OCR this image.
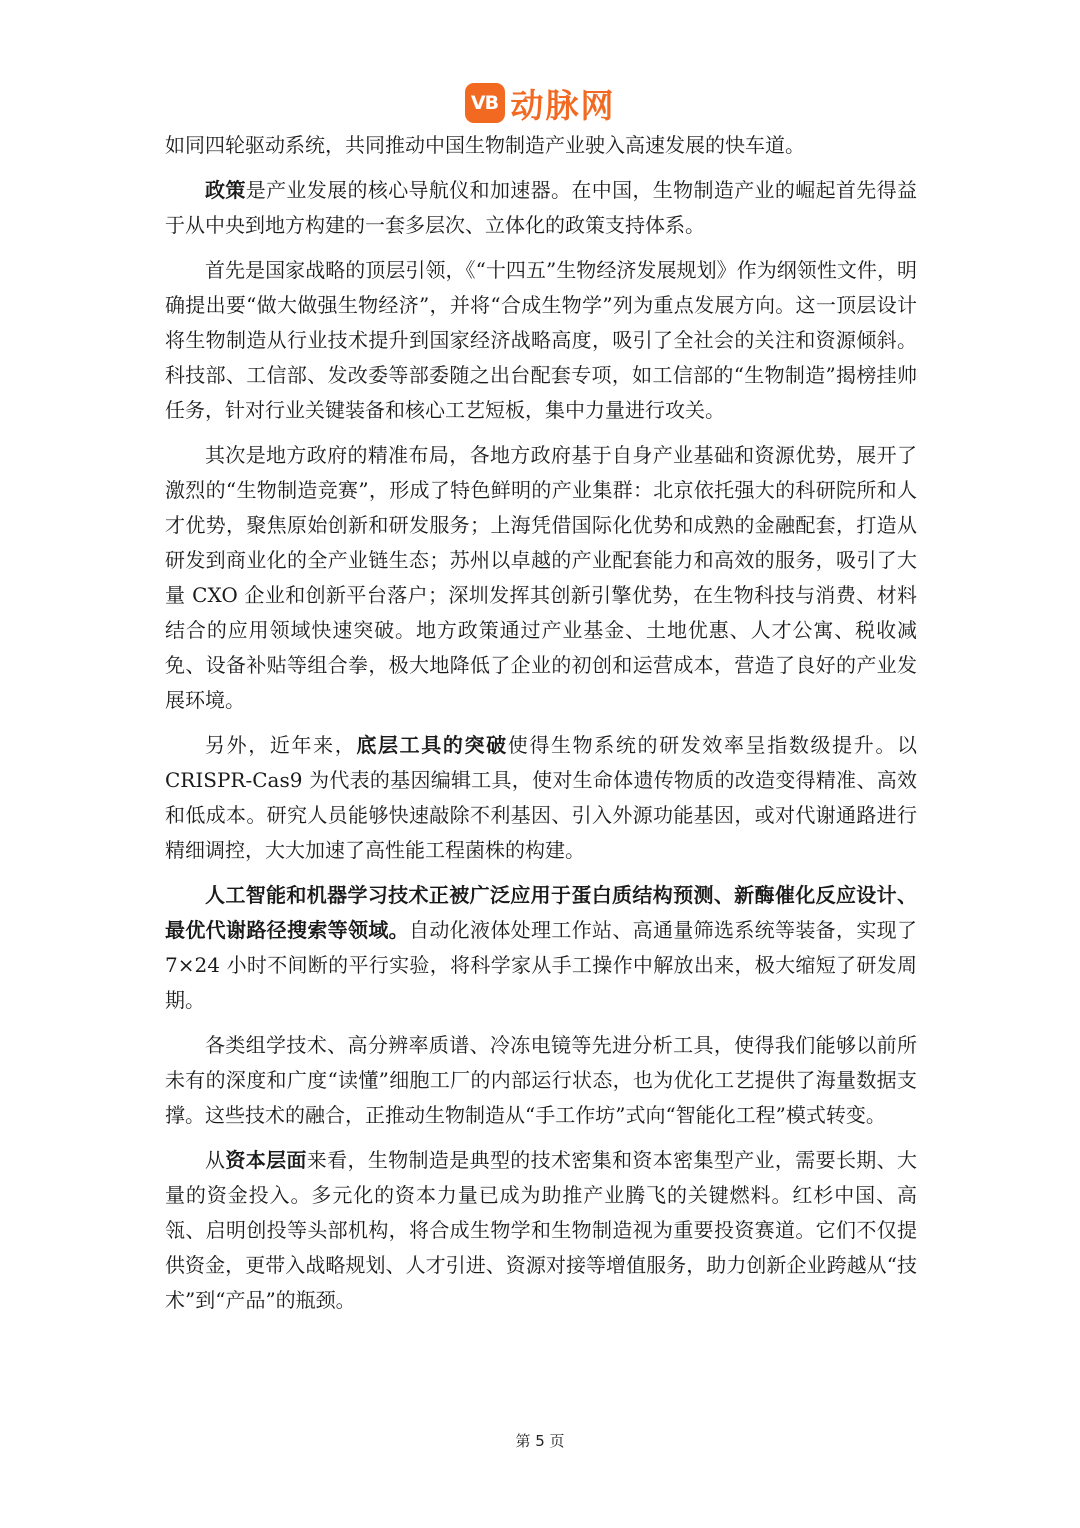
VB 动脉网

如同四轮驱动系统，共同推动中国生物制造产业驶入高速发展的快车道。

政策是产业发展的核心导航仪和加速器。在中国，生物制造产业的崛起首先得益于从中央到地方构建的一套多层次、立体化的政策支持体系。

首先是国家战略的顶层引领，《“十四五”生物经济发展规划》作为纲领性文件，明确提出要“做大做强生物经济”，并将“合成生物学”列为重点发展方向。这一顶层设计将生物制造从行业技术提升到国家经济战略高度，吸引了全社会的关注和资源倾斜。科技部、工信部、发改委等部委随之出台配套专项，如工信部的“生物制造”揭榜挂帅任务，针对行业关键装备和核心工艺短板，集中力量进行攻关。

其次是地方政府的精准布局，各地方政府基于自身产业基础和资源优势，展开了激烈的“生物制造竞赛”，形成了特色鲜明的产业集群：北京依托强大的科研院所和人才优势，聚焦原始创新和研发服务；上海凭借国际化优势和成熟的金融配套，打造从研发到商业化的全产业链生态；苏州以卓越的产业配套能力和高效的服务，吸引了大量 CXO 企业和创新平台落户；深圳发挥其创新引擎优势，在生物科技与消费、材料结合的应用领域快速突破。地方政策通过产业基金、土地优惠、人才公寓、税收减免、设备补贴等组合拳，极大地降低了企业的初创和运营成本，营造了良好的产业发展环境。

另外，近年来，底层工具的突破使得生物系统的研发效率呈指数级提升。以 CRISPR-Cas9 为代表的基因编辑工具，使对生命体遗传物质的改造变得精准、高效和低成本。研究人员能够快速敲除不利基因、引入外源功能基因，或对代谢通路进行精细调控，大大加速了高性能工程菌株的构建。

人工智能和机器学习技术正被广泛应用于蛋白质结构预测、新酶催化反应设计、最优代谢路径搜索等领域。自动化液体处理工作站、高通量筛选系统等装备，实现了 7×24 小时不间断的平行实验，将科学家从手工操作中解放出来，极大缩短了研发周期。

各类组学技术、高分辨率质谱、冷冻电镜等先进分析工具，使得我们能够以前所未有的深度和广度“读懂”细胞工厂的内部运行状态，也为优化工艺提供了海量数据支撑。这些技术的融合，正推动生物制造从“手工作坊”式向“智能化工程”模式转变。

从资本层面来看，生物制造是典型的技术密集和资本密集型产业，需要长期、大量的资金投入。多元化的资本力量已成为助推产业腾飞的关键燃料。红杉中国、高瓴、启明创投等头部机构，将合成生物学和生物制造视为重要投资赛道。它们不仅提供资金，更带入战略规划、人才引进、资源对接等增值服务，助力创新企业跨越从“技术”到“产品”的瓶颈。

第 5 页
